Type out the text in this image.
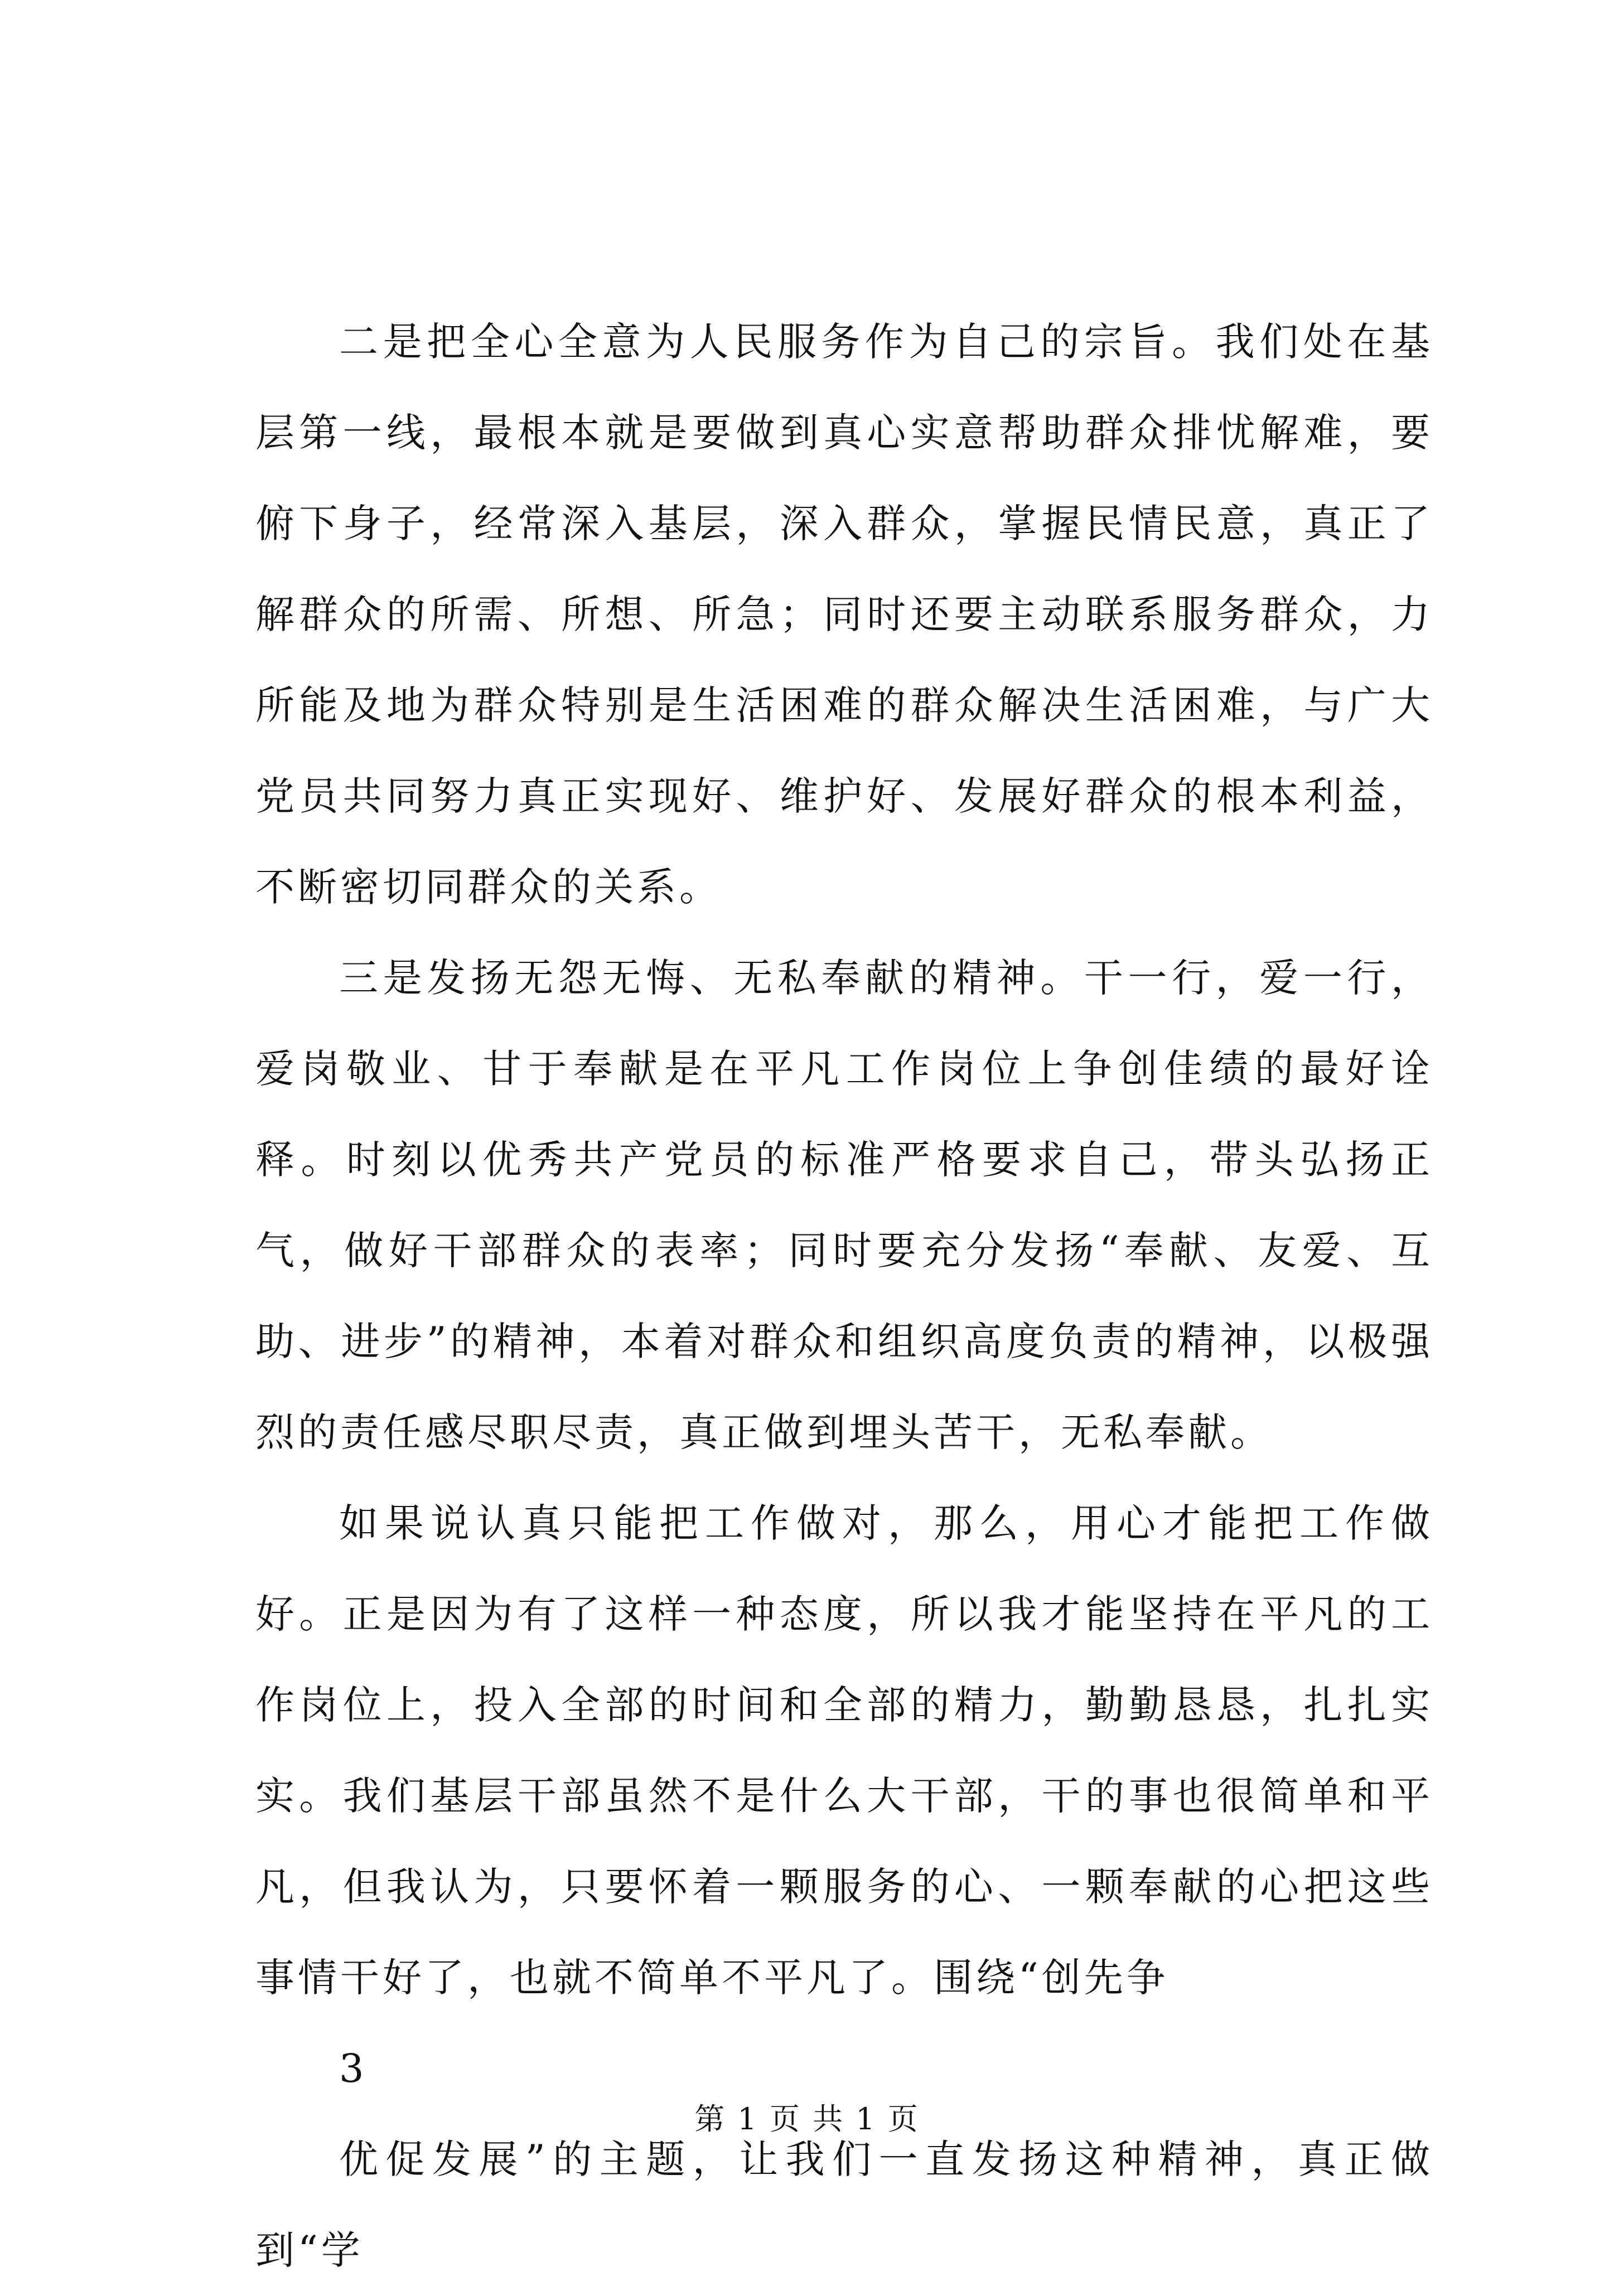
二是把全心全意为人民服务作为自己的宗旨。我们处在基层第一线，最根本就是要做到真心实意帮助群众排忧解难，要俯下身子，经常深入基层，深入群众，掌握民情民意，真正了解群众的所需、所想、所急；同时还要主动联系服务群众，力所能及地为群众特别是生活困难的群众解决生活困难，与广大党员共同努力真正实现好、维护好、发展好群众的根本利益，不断密切同群众的关系。

三是发扬无怨无悔、无私奉献的精神。干一行，爱一行，爱岗敬业、甘于奉献是在平凡工作岗位上争创佳绩的最好诠释。时刻以优秀共产党员的标准严格要求自己，带头弘扬正气，做好干部群众的表率；同时要充分发扬“奉献、友爱、互助、进步”的精神，本着对群众和组织高度负责的精神，以极强烈的责任感尽职尽责，真正做到埋头苦干，无私奉献。

如果说认真只能把工作做对，那么，用心才能把工作做好。正是因为有了这样一种态度，所以我才能坚持在平凡的工作岗位上，投入全部的时间和全部的精力，勤勤恳恳，扎扎实实。我们基层干部虽然不是什么大干部，干的事也很简单和平凡，但我认为，只要怀着一颗服务的心、一颗奉献的心把这些事情干好了，也就不简单不平凡了。围绕“创先争

3

优促发展”的主题，让我们一直发扬这种精神，真正做到“学

第 1 页 共 1 页
